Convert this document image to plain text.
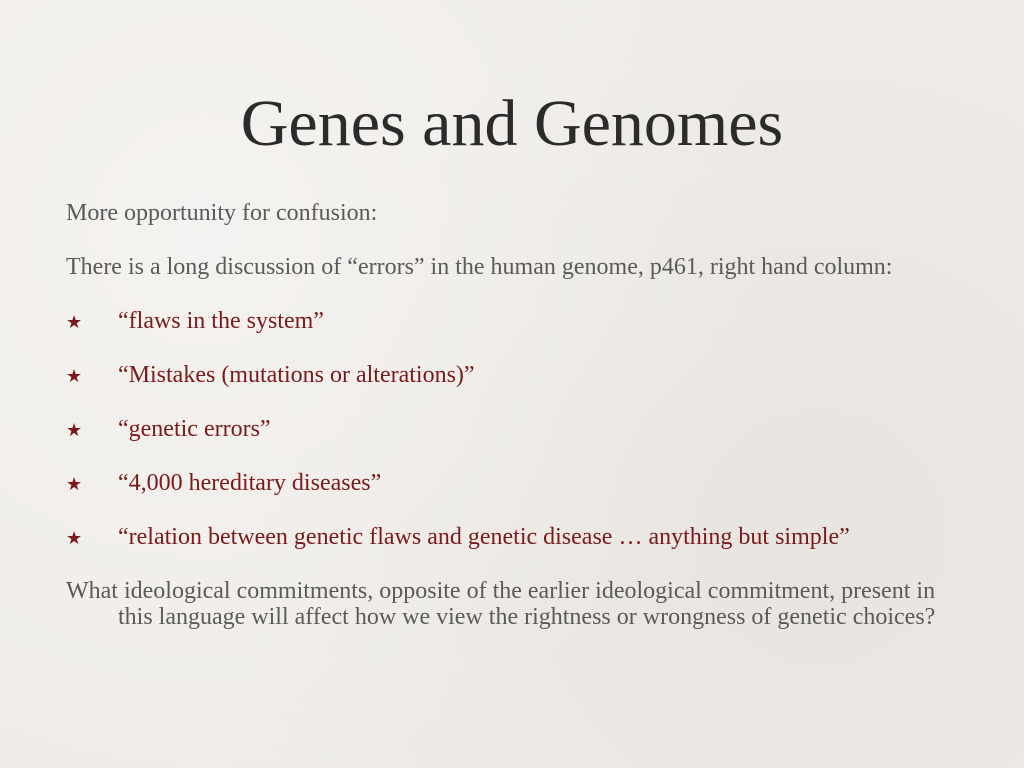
Genes and Genomes

More opportunity for confusion:

There is a long discussion of “errors” in the human genome, p461, right hand column:

★ “flaws in the system”
★ “Mistakes (mutations or alterations)”
★ “genetic errors”
★ “4,000 hereditary diseases”
★ “relation between genetic flaws and genetic disease … anything but simple”

What ideological commitments, opposite of the earlier ideological commitment, present in this language will affect how we view the rightness or wrongness of genetic choices?
